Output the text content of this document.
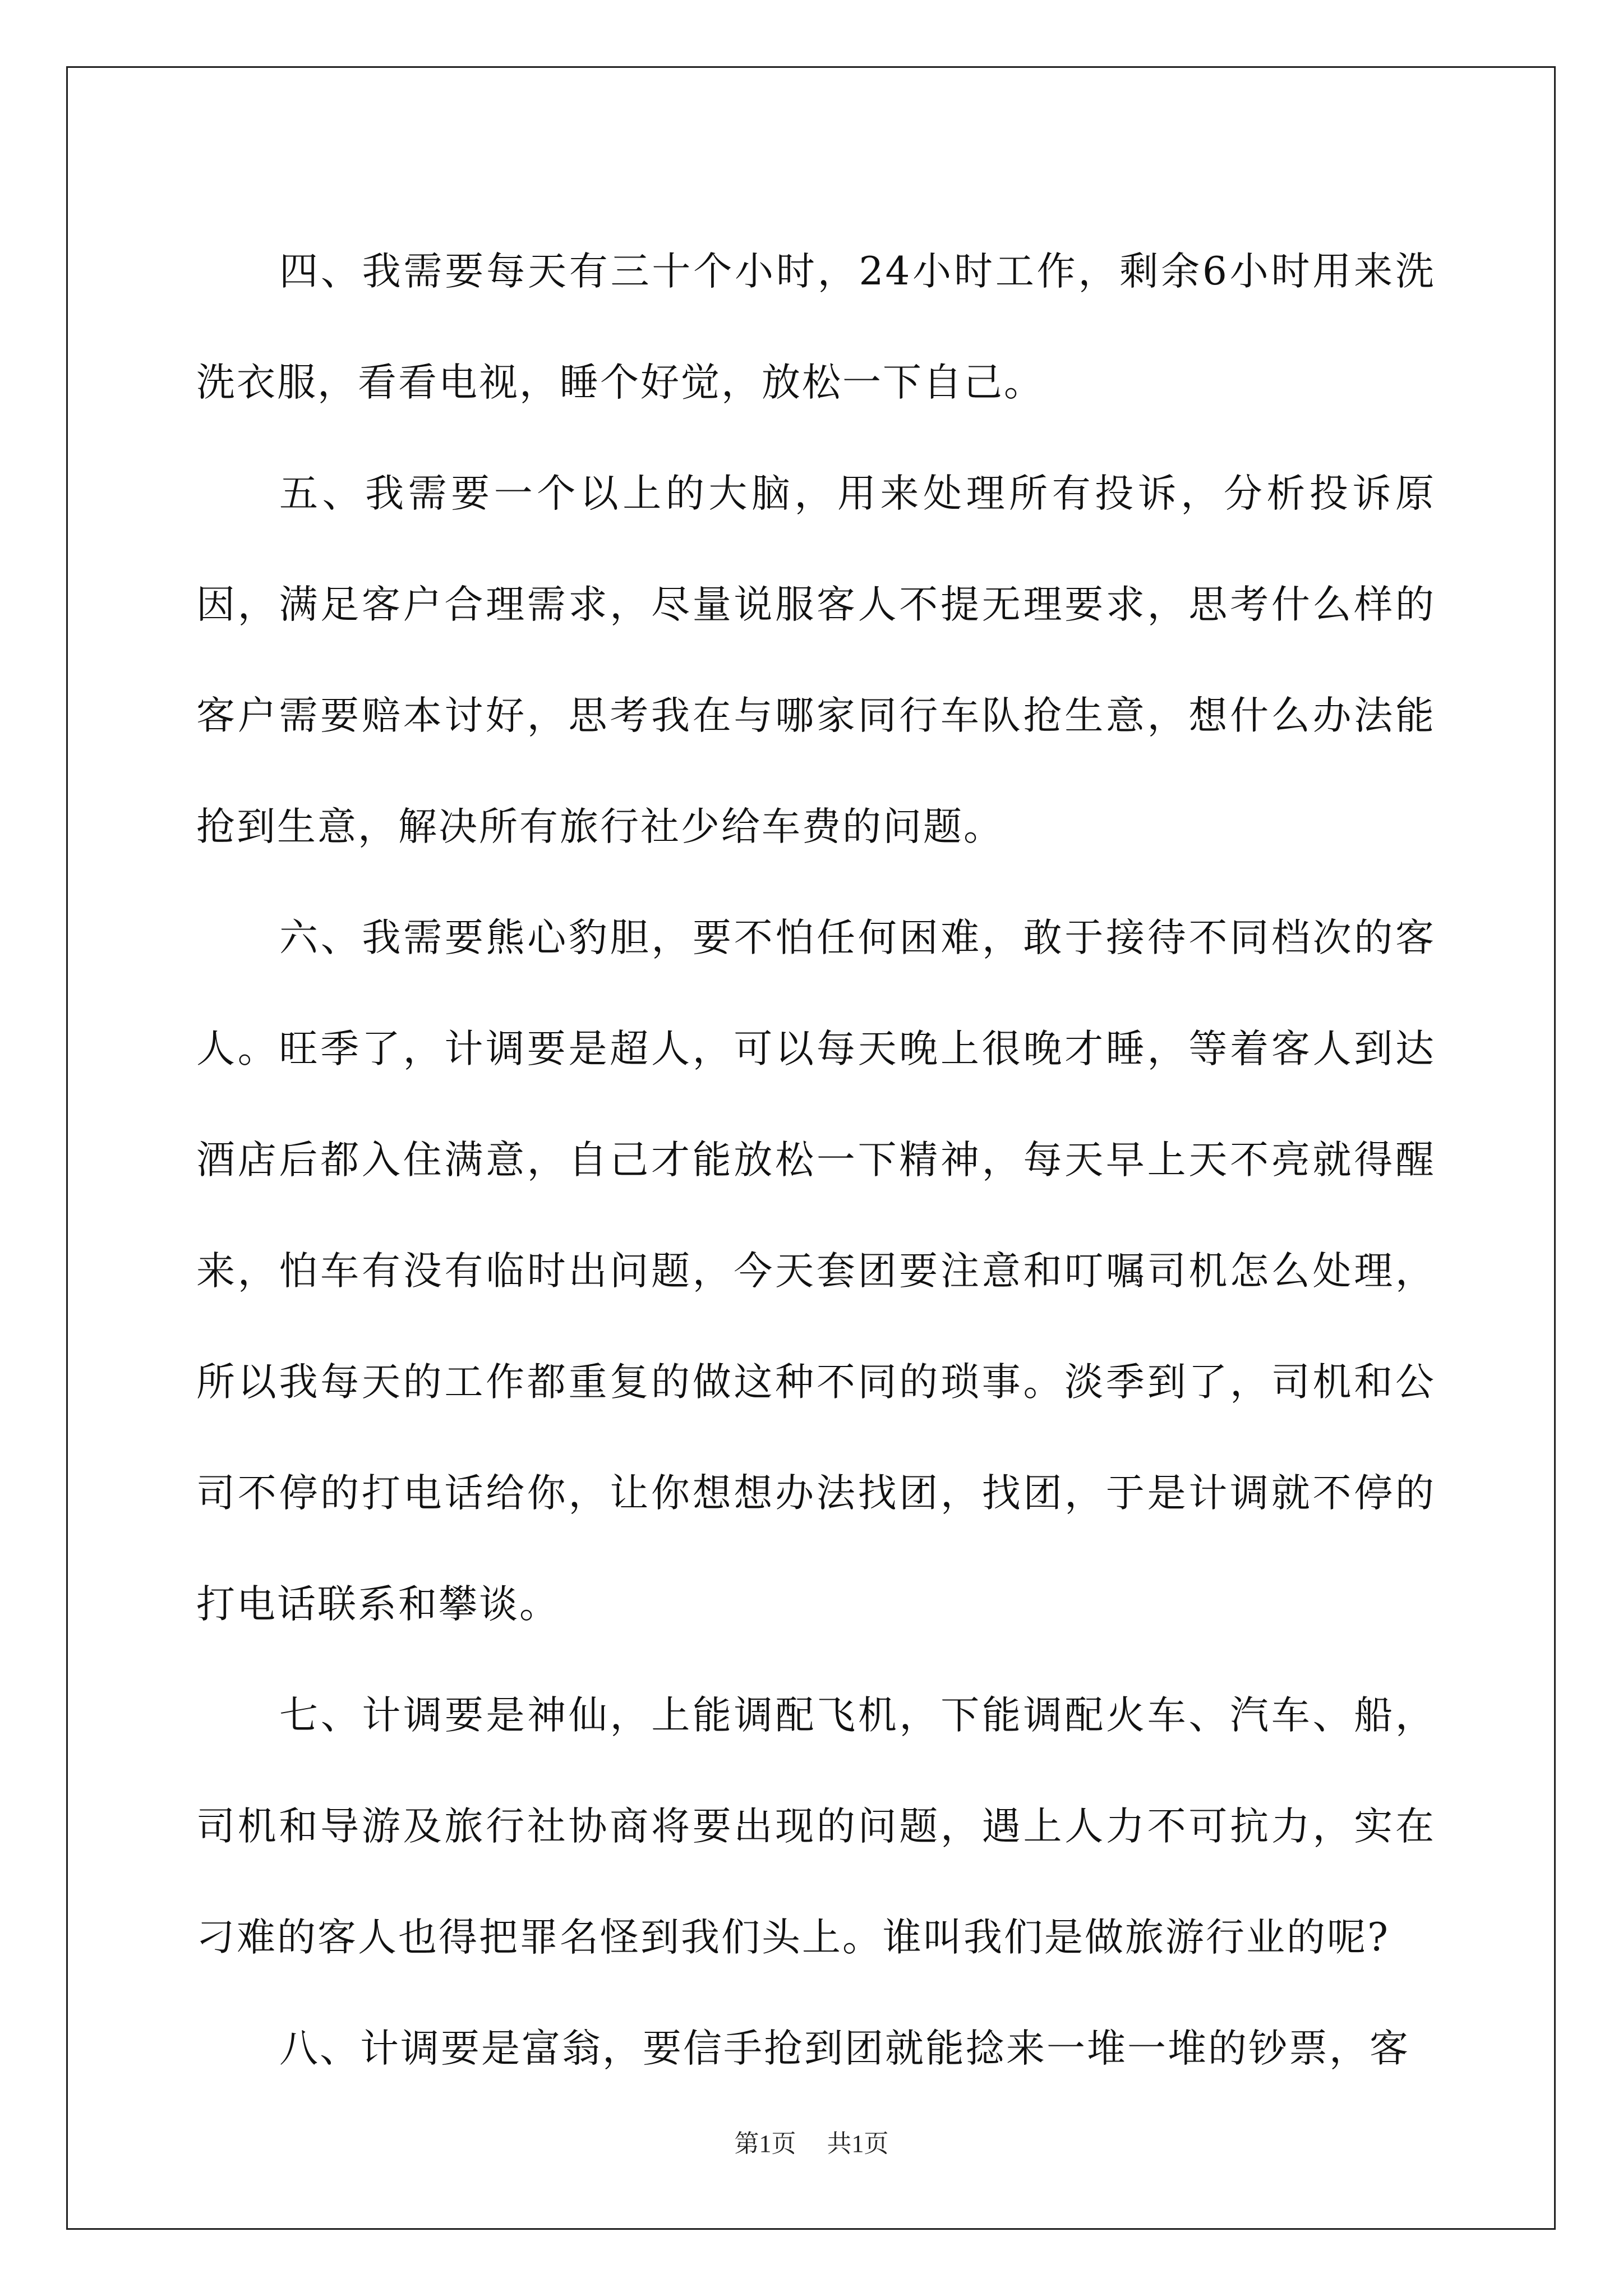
四、我需要每天有三十个小时，24小时工作，剩余6小时用来洗洗衣服，看看电视，睡个好觉，放松一下自己。

五、我需要一个以上的大脑，用来处理所有投诉，分析投诉原因，满足客户合理需求，尽量说服客人不提无理要求，思考什么样的客户需要赔本讨好，思考我在与哪家同行车队抢生意，想什么办法能抢到生意，解决所有旅行社少给车费的问题。

六、我需要熊心豹胆，要不怕任何困难，敢于接待不同档次的客人。旺季了，计调要是超人，可以每天晚上很晚才睡，等着客人到达酒店后都入住满意，自己才能放松一下精神，每天早上天不亮就得醒来，怕车有没有临时出问题，今天套团要注意和叮嘱司机怎么处理，所以我每天的工作都重复的做这种不同的琐事。淡季到了，司机和公司不停的打电话给你，让你想想办法找团，找团，于是计调就不停的打电话联系和攀谈。

七、计调要是神仙，上能调配飞机，下能调配火车、汽车、船，司机和导游及旅行社协商将要出现的问题，遇上人力不可抗力，实在刁难的客人也得把罪名怪到我们头上。谁叫我们是做旅游行业的呢?

八、计调要是富翁，要信手抢到团就能捻来一堆一堆的钞票，客

第1页 共1页
